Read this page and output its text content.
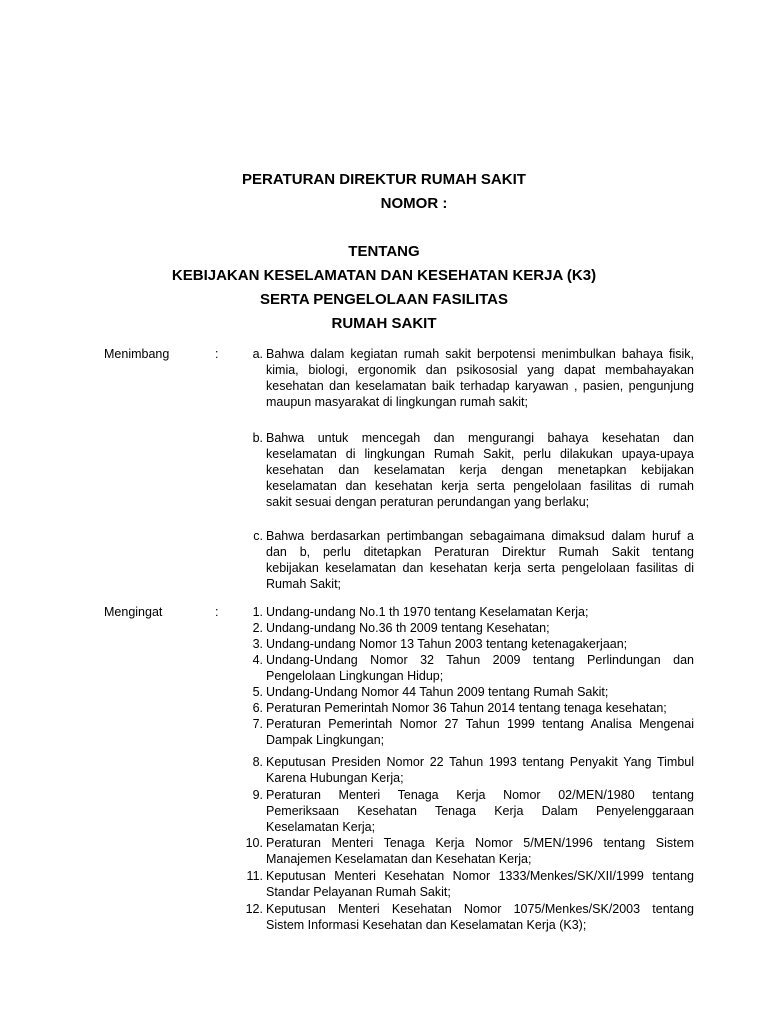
PERATURAN DIREKTUR RUMAH SAKIT
NOMOR :
TENTANG
KEBIJAKAN KESELAMATAN DAN KESEHATAN KERJA (K3)
SERTA PENGELOLAAN FASILITAS
RUMAH SAKIT
Menimbang	:	a. Bahwa dalam kegiatan rumah sakit berpotensi menimbulkan bahaya fisik,
kimia, biologi, ergonomik dan psikososial yang dapat membahayakan
kesehatan dan keselamatan baik terhadap karyawan , pasien, pengunjung
maupun masyarakat di lingkungan rumah sakit;
b. Bahwa untuk mencegah dan mengurangi bahaya kesehatan dan
keselamatan di lingkungan Rumah Sakit, perlu dilakukan upaya-upaya
kesehatan dan keselamatan kerja dengan menetapkan kebijakan
keselamatan dan kesehatan kerja serta pengelolaan fasilitas di rumah
sakit sesuai dengan peraturan perundangan yang berlaku;
c. Bahwa berdasarkan pertimbangan sebagaimana dimaksud dalam huruf a
dan b, perlu ditetapkan Peraturan Direktur Rumah Sakit tentang
kebijakan keselamatan dan kesehatan kerja serta pengelolaan fasilitas di
Rumah Sakit;
Mengingat	:	1. Undang-undang No.1 th 1970 tentang Keselamatan Kerja;
2. Undang-undang No.36 th 2009 tentang Kesehatan;
3. Undang-undang Nomor 13 Tahun 2003 tentang ketenagakerjaan;
4. Undang-Undang Nomor 32 Tahun 2009 tentang Perlindungan dan
Pengelolaan Lingkungan Hidup;
5. Undang-Undang Nomor 44 Tahun 2009 tentang Rumah Sakit;
6. Peraturan Pemerintah Nomor 36 Tahun 2014 tentang tenaga kesehatan;
7. Peraturan Pemerintah Nomor 27 Tahun 1999 tentang Analisa Mengenai
Dampak Lingkungan;
8. Keputusan Presiden Nomor 22 Tahun 1993 tentang Penyakit Yang Timbul
Karena Hubungan Kerja;
9. Peraturan Menteri Tenaga Kerja Nomor 02/MEN/1980 tentang
Pemeriksaan Kesehatan Tenaga Kerja Dalam Penyelenggaraan
Keselamatan Kerja;
10. Peraturan Menteri Tenaga Kerja Nomor 5/MEN/1996 tentang Sistem
Manajemen Keselamatan dan Kesehatan Kerja;
11. Keputusan Menteri Kesehatan Nomor 1333/Menkes/SK/XII/1999 tentang
Standar Pelayanan Rumah Sakit;
12. Keputusan Menteri Kesehatan Nomor 1075/Menkes/SK/2003 tentang
Sistem Informasi Kesehatan dan Keselamatan Kerja (K3);
